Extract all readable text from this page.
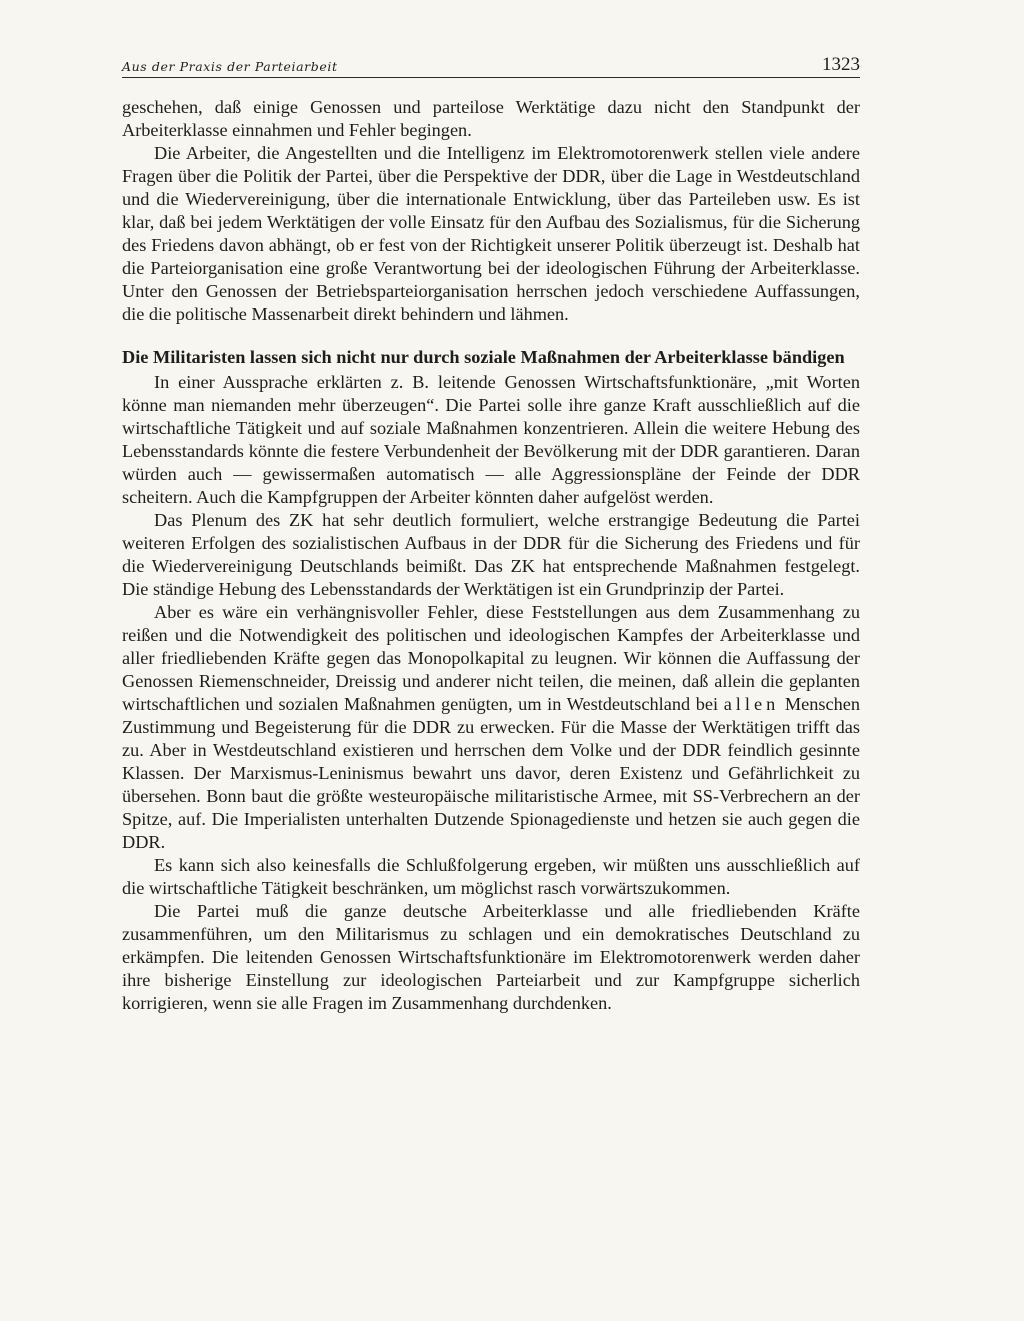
Aus der Praxis der Parteiarbeit	1323

geschehen, daß einige Genossen und parteilose Werktätige dazu nicht den Standpunkt der Arbeiterklasse einnahmen und Fehler begingen.

Die Arbeiter, die Angestellten und die Intelligenz im Elektromotorenwerk stellen viele andere Fragen über die Politik der Partei, über die Perspektive der DDR, über die Lage in Westdeutschland und die Wiedervereinigung, über die internationale Entwicklung, über das Parteileben usw. Es ist klar, daß bei jedem Werktätigen der volle Einsatz für den Aufbau des Sozialismus, für die Sicherung des Friedens davon abhängt, ob er fest von der Richtigkeit unserer Politik überzeugt ist. Deshalb hat die Parteiorganisation eine große Verantwortung bei der ideologischen Führung der Arbeiterklasse. Unter den Genossen der Betriebsparteiorganisation herrschen jedoch verschiedene Auffassungen, die die politische Massenarbeit direkt behindern und lähmen.

Die Militaristen lassen sich nicht nur durch soziale Maßnahmen der Arbeiterklasse bändigen

In einer Aussprache erklärten z. B. leitende Genossen Wirtschaftsfunktionäre, „mit Worten könne man niemanden mehr überzeugen“. Die Partei solle ihre ganze Kraft ausschließlich auf die wirtschaftliche Tätigkeit und auf soziale Maßnahmen konzentrieren. Allein die weitere Hebung des Lebensstandards könnte die festere Verbundenheit der Bevölkerung mit der DDR garantieren. Daran würden auch — gewissermaßen automatisch — alle Aggressionspläne der Feinde der DDR scheitern. Auch die Kampfgruppen der Arbeiter könnten daher aufgelöst werden.

Das Plenum des ZK hat sehr deutlich formuliert, welche erstrangige Bedeutung die Partei weiteren Erfolgen des sozialistischen Aufbaus in der DDR für die Sicherung des Friedens und für die Wiedervereinigung Deutschlands beimißt. Das ZK hat entsprechende Maßnahmen festgelegt. Die ständige Hebung des Lebensstandards der Werktätigen ist ein Grundprinzip der Partei.

Aber es wäre ein verhängnisvoller Fehler, diese Feststellungen aus dem Zusammenhang zu reißen und die Notwendigkeit des politischen und ideologischen Kampfes der Arbeiterklasse und aller friedliebenden Kräfte gegen das Monopolkapital zu leugnen. Wir können die Auffassung der Genossen Riemenschneider, Dreissig und anderer nicht teilen, die meinen, daß allein die geplanten wirtschaftlichen und sozialen Maßnahmen genügten, um in Westdeutschland bei allen Menschen Zustimmung und Begeisterung für die DDR zu erwecken. Für die Masse der Werktätigen trifft das zu. Aber in Westdeutschland existieren und herrschen dem Volke und der DDR feindlich gesinnte Klassen. Der Marxismus-Leninismus bewahrt uns davor, deren Existenz und Gefährlichkeit zu übersehen. Bonn baut die größte westeuropäische militaristische Armee, mit SS-Verbrechern an der Spitze, auf. Die Imperialisten unterhalten Dutzende Spionagedienste und hetzen sie auch gegen die DDR.

Es kann sich also keinesfalls die Schlußfolgerung ergeben, wir müßten uns ausschließlich auf die wirtschaftliche Tätigkeit beschränken, um möglichst rasch vorwärtszukommen.

Die Partei muß die ganze deutsche Arbeiterklasse und alle friedliebenden Kräfte zusammenführen, um den Militarismus zu schlagen und ein demokratisches Deutschland zu erkämpfen. Die leitenden Genossen Wirtschaftsfunktionäre im Elektromotorenwerk werden daher ihre bisherige Einstellung zur ideologischen Parteiarbeit und zur Kampfgruppe sicherlich korrigieren, wenn sie alle Fragen im Zusammenhang durchdenken.
